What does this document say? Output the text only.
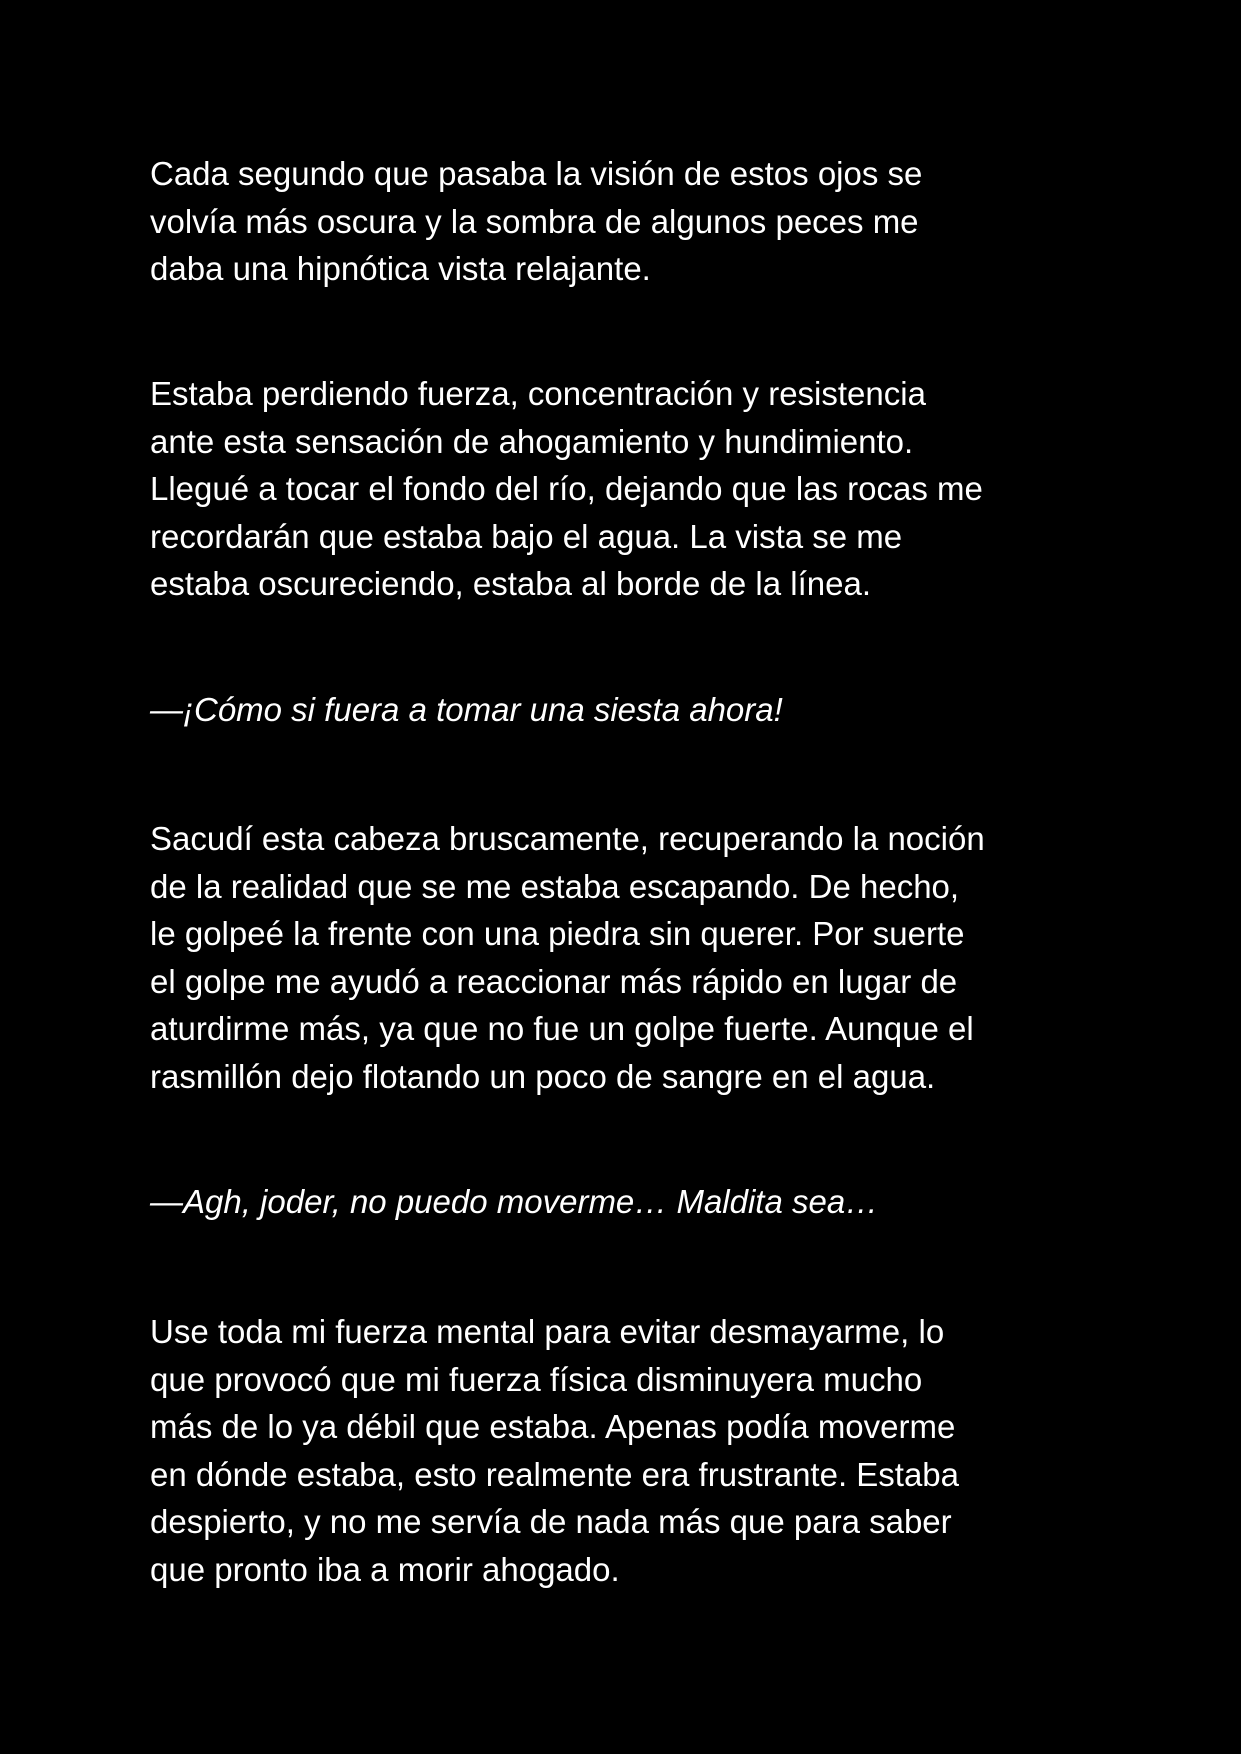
Cada segundo que pasaba la visión de estos ojos se
volvía más oscura y la sombra de algunos peces me
daba una hipnótica vista relajante.

Estaba perdiendo fuerza, concentración y resistencia
ante esta sensación de ahogamiento y hundimiento.
Llegué a tocar el fondo del río, dejando que las rocas me
recordarán que estaba bajo el agua. La vista se me
estaba oscureciendo, estaba al borde de la línea.

—¡Cómo si fuera a tomar una siesta ahora!

Sacudí esta cabeza bruscamente, recuperando la noción
de la realidad que se me estaba escapando. De hecho,
le golpeé la frente con una piedra sin querer. Por suerte
el golpe me ayudó a reaccionar más rápido en lugar de
aturdirme más, ya que no fue un golpe fuerte. Aunque el
rasmillón dejo flotando un poco de sangre en el agua.

—Agh, joder, no puedo moverme… Maldita sea…

Use toda mi fuerza mental para evitar desmayarme, lo
que provocó que mi fuerza física disminuyera mucho
más de lo ya débil que estaba. Apenas podía moverme
en dónde estaba, esto realmente era frustrante. Estaba
despierto, y no me servía de nada más que para saber
que pronto iba a morir ahogado.
